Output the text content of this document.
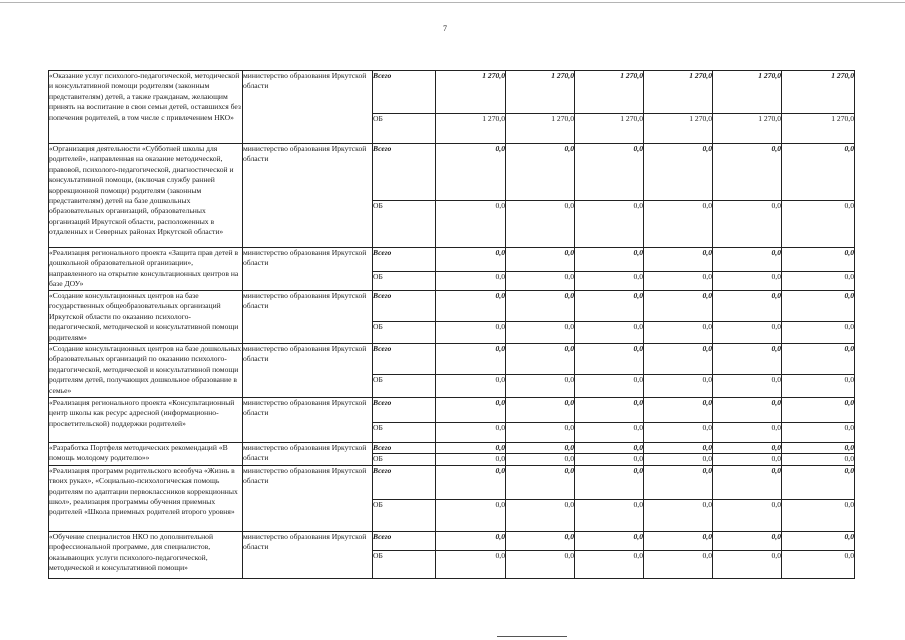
7
«Оказание услуг психолого-педагогической, методической и консультативной помощи родителям (законным представителям) детей, а также гражданам, желающим принять на воспитание в свои семьи детей, оставшихся без попечения родителей, в том числе с привлечением НКО»	министерство образования Иркутской области	Всего	1 270,0	1 270,0	1 270,0	1 270,0	1 270,0	1 270,0
		ОБ	1 270,0	1 270,0	1 270,0	1 270,0	1 270,0	1 270,0
«Организация деятельности «Субботней школы для родителей», направленная на оказание методической, правовой, психолого-педагогической, диагностической и консультативной помощи, (включая службу ранней коррекционной помощи) родителям (законным представителям) детей на базе дошкольных образовательных организаций, образовательных организаций Иркутской области, расположенных в отдаленных и Северных районах Иркутской области»	министерство образования Иркутской области	Всего	0,0	0,0	0,0	0,0	0,0	0,0
		ОБ	0,0	0,0	0,0	0,0	0,0	0,0
«Реализация регионального проекта «Защита прав детей в дошкольной образовательной организации», направленного на открытие консультационных центров на базе ДОУ»	министерство образования Иркутской области	Всего	0,0	0,0	0,0	0,0	0,0	0,0
		ОБ	0,0	0,0	0,0	0,0	0,0	0,0
«Создание консультационных центров на базе государственных общеобразовательных организаций Иркутской области по оказанию психолого-педагогической, методической и консультативной помощи родителям»	министерство образования Иркутской области	Всего	0,0	0,0	0,0	0,0	0,0	0,0
		ОБ	0,0	0,0	0,0	0,0	0,0	0,0
«Создание консультационных центров на базе дошкольных образовательных организаций по оказанию психолого-педагогической, методической и консультативной помощи родителям детей, получающих дошкольное образование в семье»	министерство образования Иркутской области	Всего	0,0	0,0	0,0	0,0	0,0	0,0
		ОБ	0,0	0,0	0,0	0,0	0,0	0,0
«Реализация регионального проекта «Консультационный центр школы как ресурс адресной (информационно-просветительской) поддержки родителей»	министерство образования Иркутской области	Всего	0,0	0,0	0,0	0,0	0,0	0,0
		ОБ	0,0	0,0	0,0	0,0	0,0	0,0
«Разработка Портфеля методических рекомендаций «В помощь молодому родителю»»	министерство образования Иркутской области	Всего	0,0	0,0	0,0	0,0	0,0	0,0
		ОБ	0,0	0,0	0,0	0,0	0,0	0,0
«Реализация программ родительского всеобуча «Жизнь в твоих руках», «Социально-психологическая помощь родителям по адаптации первоклассников коррекционных школ», реализация программы обучения приемных родителей «Школа приемных родителей второго уровня»	министерство образования Иркутской области	Всего	0,0	0,0	0,0	0,0	0,0	0,0
		ОБ	0,0	0,0	0,0	0,0	0,0	0,0
«Обучение специалистов НКО по дополнительной профессиональной программе, для специалистов, оказывающих услуги психолого-педагогической, методической и консультативной помощи»	министерство образования Иркутской области	Всего	0,0	0,0	0,0	0,0	0,0	0,0
		ОБ	0,0	0,0	0,0	0,0	0,0	0,0
